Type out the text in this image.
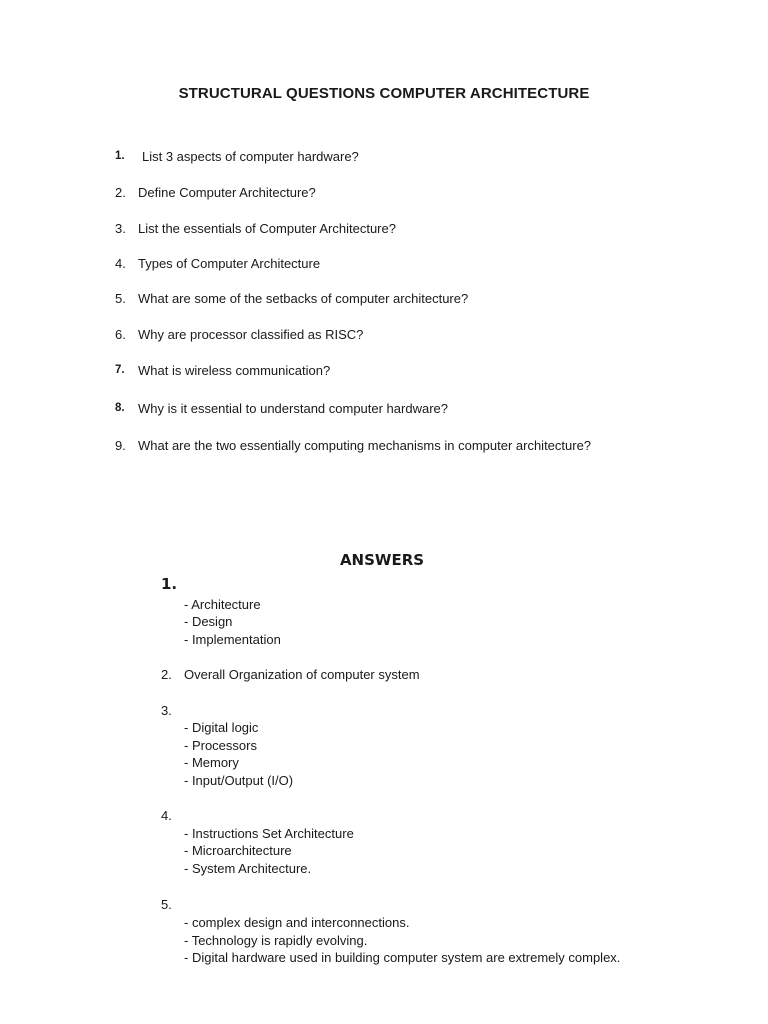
STRUCTURAL QUESTIONS COMPUTER ARCHITECTURE
1. List 3 aspects of computer hardware?
2. Define Computer Architecture?
3. List the essentials of Computer Architecture?
4. Types of Computer Architecture
5. What are some of the setbacks of computer architecture?
6. Why are processor classified as RISC?
7. What is wireless communication?
8. Why is it essential to understand computer hardware?
9. What are the two essentially computing mechanisms in computer architecture?
ANSWERS
1.
- Architecture
- Design
- Implementation
2. Overall Organization of computer system
3.
- Digital logic
- Processors
- Memory
- Input/Output (I/O)
4.
- Instructions Set Architecture
- Microarchitecture
- System Architecture.
5.
- complex design and interconnections.
- Technology is rapidly evolving.
- Digital hardware used in building computer system are extremely complex.
